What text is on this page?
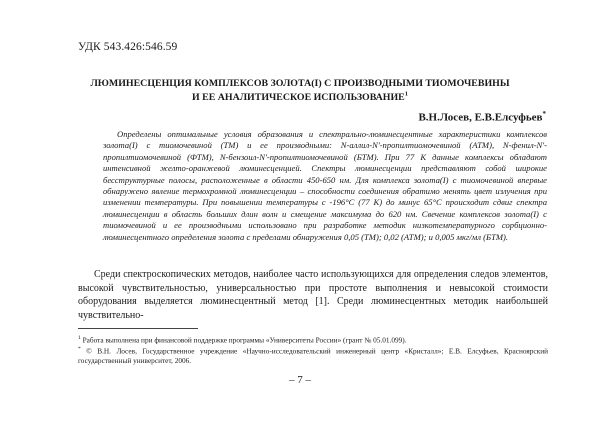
УДК 543.426:546.59
ЛЮМИНЕСЦЕНЦИЯ КОМПЛЕКСОВ ЗОЛОТА(I) С ПРОИЗВОДНЫМИ ТИОМОЧЕВИНЫ
И ЕЕ АНАЛИТИЧЕСКОЕ ИСПОЛЬЗОВАНИЕ$^1$
В.Н.Лосев, Е.В.Елсуфьев*
Определены оптимальные условия образования и спектрально-люминесцентные характеристики комплексов золота(I) с тиомочевиной (ТМ) и ее производными: N-аллил-N'-пропилтиомочевиной (АТМ), N-фенил-N'-пропилтиомочевиной (ФТМ), N-бензоил-N'-пропилтиомочевиной (БТМ). При 77 К данные комплексы обладают интенсивной желто-оранжевой люминесценцией. Спектры люминесценции представляют собой широкие бесструктурные полосы, расположенные в области 450-650 нм. Для комплекса золота(I) с тиомочевиной впервые обнаружено явление термохромной люминесценции – способности соединения обратимо менять цвет излучения при изменении температуры. При повышении температуры с -196°С (77 К) до минус 65°С происходит сдвиг спектра люминесценции в область больших длин волн и смещение максимума до 620 нм. Свечение комплексов золота(I) с тиомочевиной и ее производными использовано при разработке методик низкотемпературного сорбционно-люминесцентного определения золота с пределами обнаружения 0,05 (ТМ); 0,02 (АТМ); и 0,005 мкг/мл (БТМ).
Среди спектроскопических методов, наиболее часто использующихся для определения следов элементов, высокой чувствительностью, универсальностью при простоте выполнения и невысокой стоимости оборудования выделяется люминесцентный метод [1]. Среди люминесцентных методик наибольшей чувствительно-
$^1$ Работа выполнена при финансовой поддержке программы «Университеты России» (грант № 05.01.099).
* © В.Н. Лосев, Государственное учреждение «Научно-исследовательский инженерный центр «Кристалл»; Е.В. Елсуфьев, Красноярский государственный университет, 2006.
– 7 –
